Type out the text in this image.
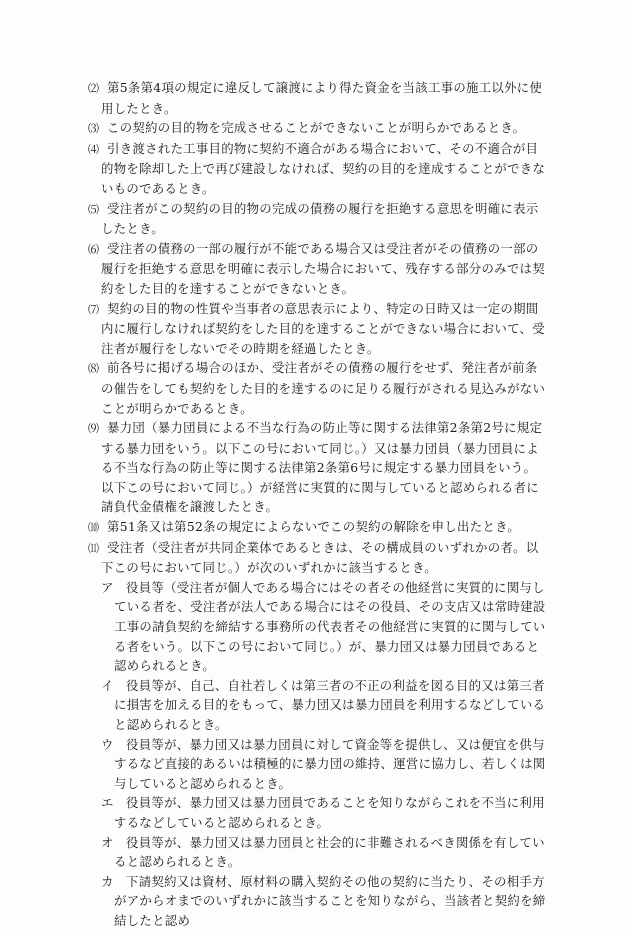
⑵ 第5条第4項の規定に違反して譲渡により得た資金を当該工事の施工以外に使用したとき。
⑶ この契約の目的物を完成させることができないことが明らかであるとき。
⑷ 引き渡された工事目的物に契約不適合がある場合において、その不適合が目的物を除却した上で再び建設しなければ、契約の目的を達成することができないものであるとき。
⑸ 受注者がこの契約の目的物の完成の債務の履行を拒絶する意思を明確に表示したとき。
⑹ 受注者の債務の一部の履行が不能である場合又は受注者がその債務の一部の履行を拒絶する意思を明確に表示した場合において、残存する部分のみでは契約をした目的を達することができないとき。
⑺ 契約の目的物の性質や当事者の意思表示により、特定の日時又は一定の期間内に履行しなければ契約をした目的を達することができない場合において、受注者が履行をしないでその時期を経過したとき。
⑻ 前各号に掲げる場合のほか、受注者がその債務の履行をせず、発注者が前条の催告をしても契約をした目的を達するのに足りる履行がされる見込みがないことが明らかであるとき。
⑼ 暴力団（暴力団員による不当な行為の防止等に関する法律第2条第2号に規定する暴力団をいう。以下この号において同じ。）又は暴力団員（暴力団員による不当な行為の防止等に関する法律第2条第6号に規定する暴力団員をいう。以下この号において同じ。）が経営に実質的に関与していると認められる者に請負代金債権を譲渡したとき。
⑽ 第51条又は第52条の規定によらないでこの契約の解除を申し出たとき。
⑾ 受注者（受注者が共同企業体であるときは、その構成員のいずれかの者。以下この号において同じ。）が次のいずれかに該当するとき。
ア 役員等（受注者が個人である場合にはその者その他経営に実質的に関与している者を、受注者が法人である場合にはその役員、その支店又は常時建設工事の請負契約を締結する事務所の代表者その他経営に実質的に関与している者をいう。以下この号において同じ。）が、暴力団又は暴力団員であると認められるとき。
イ 役員等が、自己、自社若しくは第三者の不正の利益を図る目的又は第三者に損害を加える目的をもって、暴力団又は暴力団員を利用するなどしていると認められるとき。
ウ 役員等が、暴力団又は暴力団員に対して資金等を提供し、又は便宜を供与するなど直接的あるいは積極的に暴力団の維持、運営に協力し、若しくは関与していると認められるとき。
エ 役員等が、暴力団又は暴力団員であることを知りながらこれを不当に利用するなどしていると認められるとき。
オ 役員等が、暴力団又は暴力団員と社会的に非難されるべき関係を有していると認められるとき。
カ 下請契約又は資材、原材料の購入契約その他の契約に当たり、その相手方がアからオまでのいずれかに該当することを知りながら、当該者と契約を締結したと認め
